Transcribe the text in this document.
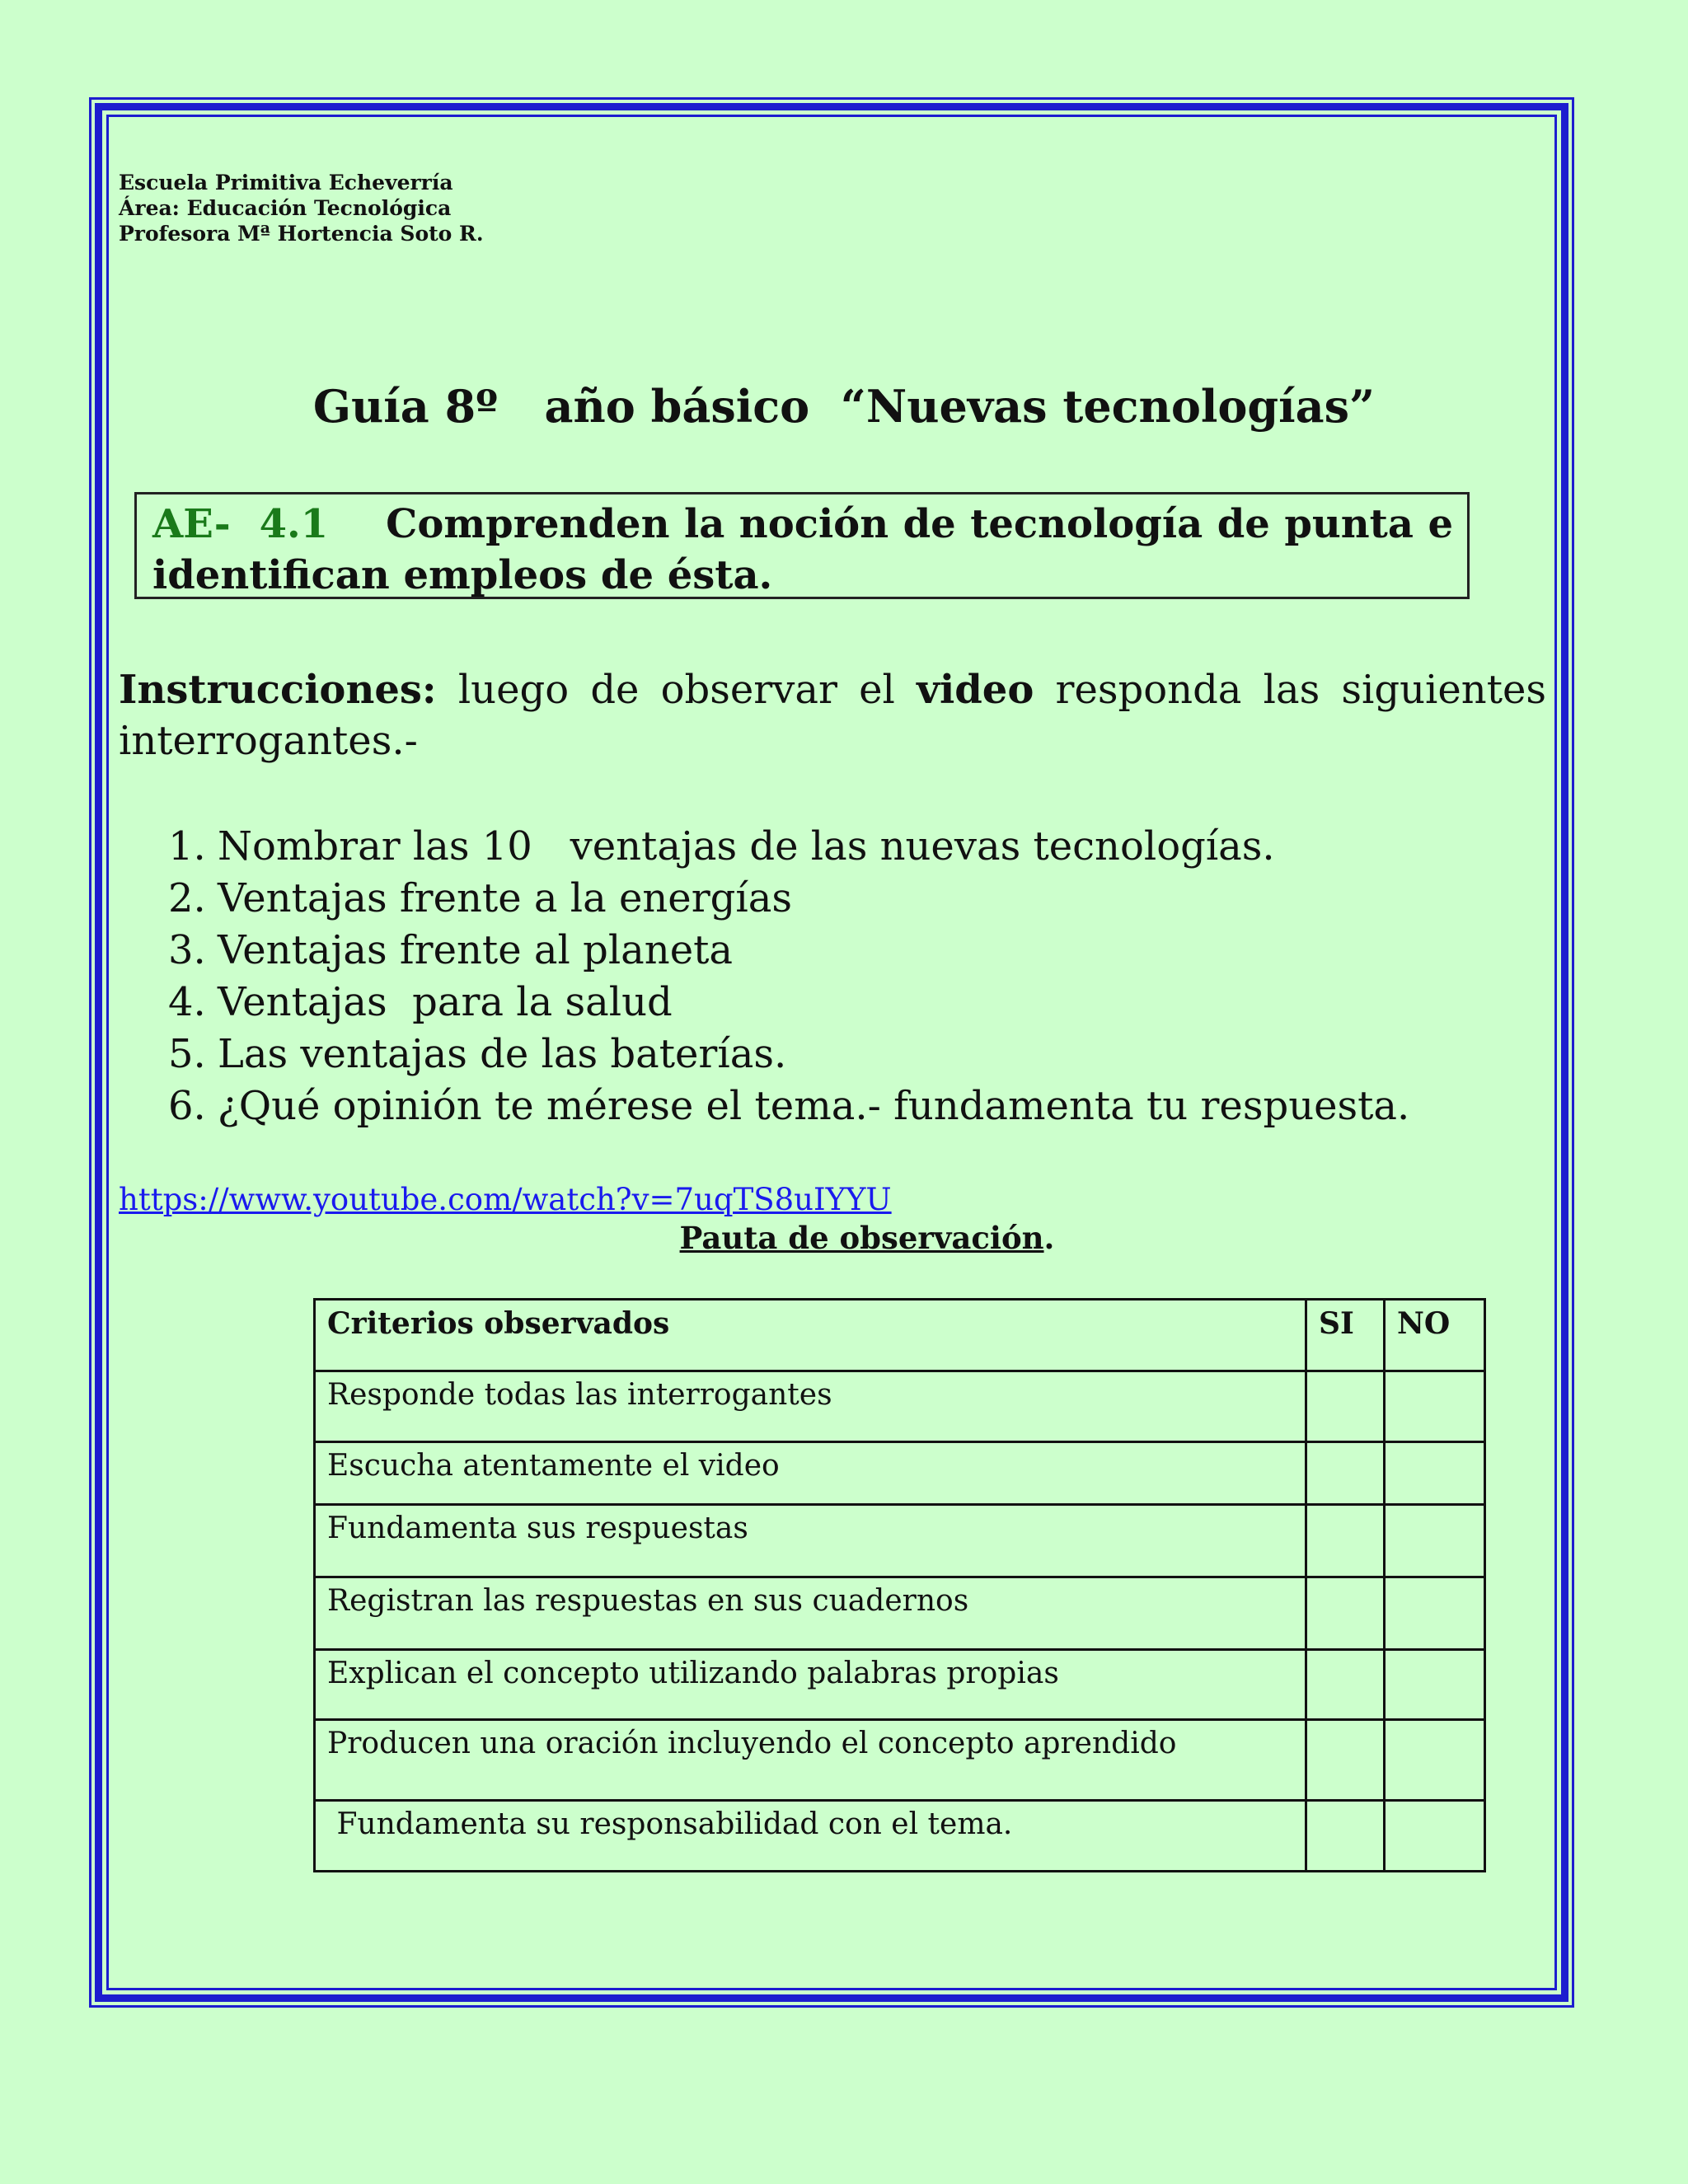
Escuela Primitiva Echeverría
Área: Educación Tecnológica
Profesora Mª Hortencia Soto R.
Guía 8º   año básico  “Nuevas tecnologías”
AE-  4.1 Comprenden la noción de tecnología de punta e identifican empleos de ésta.
Instrucciones: luego de observar el video responda las siguientes interrogantes.-
1. Nombrar las 10   ventajas de las nuevas tecnologías.
2. Ventajas frente a la energías
3. Ventajas frente al planeta
4. Ventajas  para la salud
5. Las ventajas de las baterías.
6. ¿Qué opinión te mérese el tema.- fundamenta tu respuesta.
https://www.youtube.com/watch?v=7uqTS8uIYYU
Pauta de observación.
Criterios observados	SI	NO
Responde todas las interrogantes		
Escucha atentamente el video		
Fundamenta sus respuestas		
Registran las respuestas en sus cuadernos		
Explican el concepto utilizando palabras propias		
Producen una oración incluyendo el concepto aprendido		
Fundamenta su responsabilidad con el tema.		
